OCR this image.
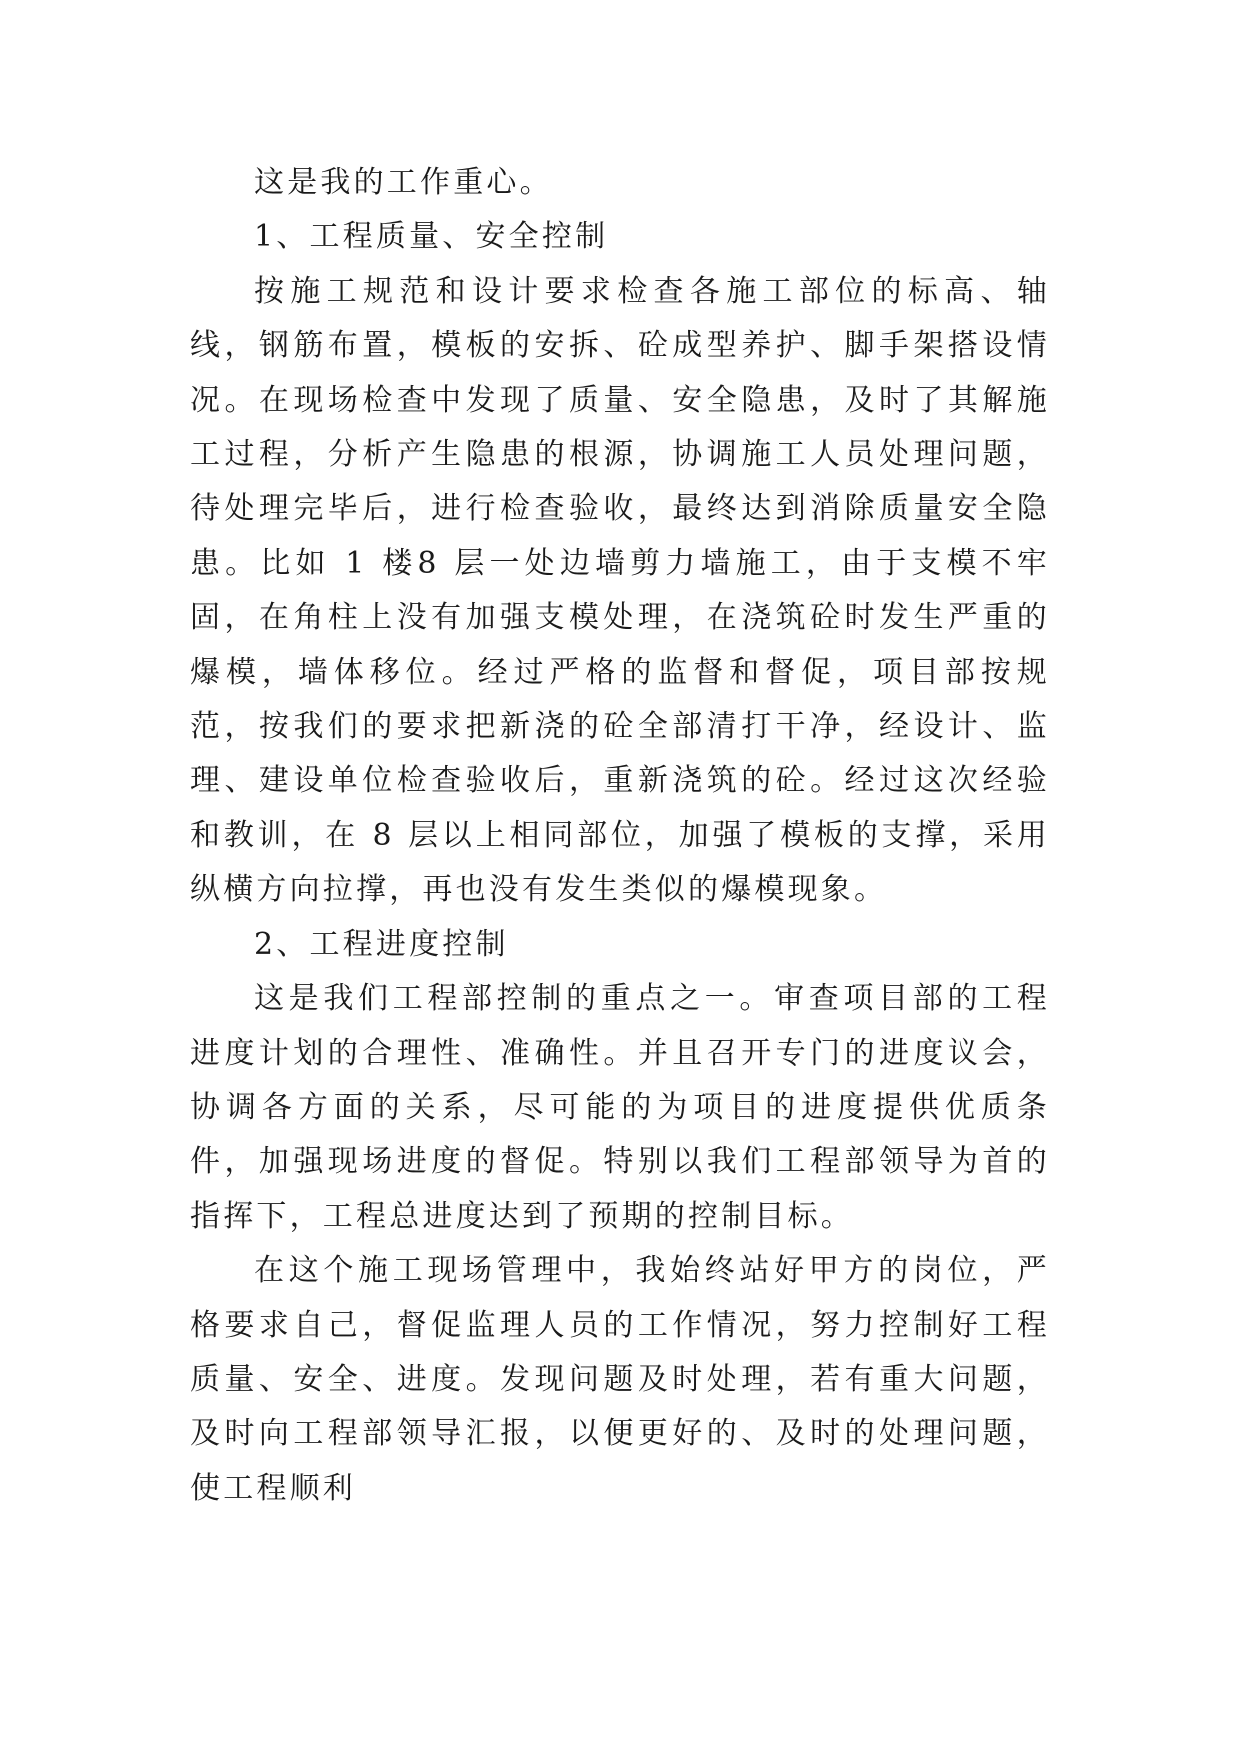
这是我的工作重心。

1、工程质量、安全控制

按施工规范和设计要求检查各施工部位的标高、轴线，钢筋布置，模板的安拆、砼成型养护、脚手架搭设情况。在现场检查中发现了质量、安全隐患，及时了其解施工过程，分析产生隐患的根源，协调施工人员处理问题，待处理完毕后，进行检查验收，最终达到消除质量安全隐患。比如 1 楼8 层一处边墙剪力墙施工，由于支模不牢固，在角柱上没有加强支模处理，在浇筑砼时发生严重的爆模，墙体移位。经过严格的监督和督促，项目部按规范，按我们的要求把新浇的砼全部清打干净，经设计、监理、建设单位检查验收后，重新浇筑的砼。经过这次经验和教训，在 8 层以上相同部位，加强了模板的支撑，采用纵横方向拉撑，再也没有发生类似的爆模现象。

2、工程进度控制

这是我们工程部控制的重点之一。审查项目部的工程进度计划的合理性、准确性。并且召开专门的进度议会，协调各方面的关系，尽可能的为项目的进度提供优质条件，加强现场进度的督促。特别以我们工程部领导为首的指挥下，工程总进度达到了预期的控制目标。

在这个施工现场管理中，我始终站好甲方的岗位，严格要求自己，督促监理人员的工作情况，努力控制好工程质量、安全、进度。发现问题及时处理，若有重大问题，及时向工程部领导汇报，以便更好的、及时的处理问题，使工程顺利
